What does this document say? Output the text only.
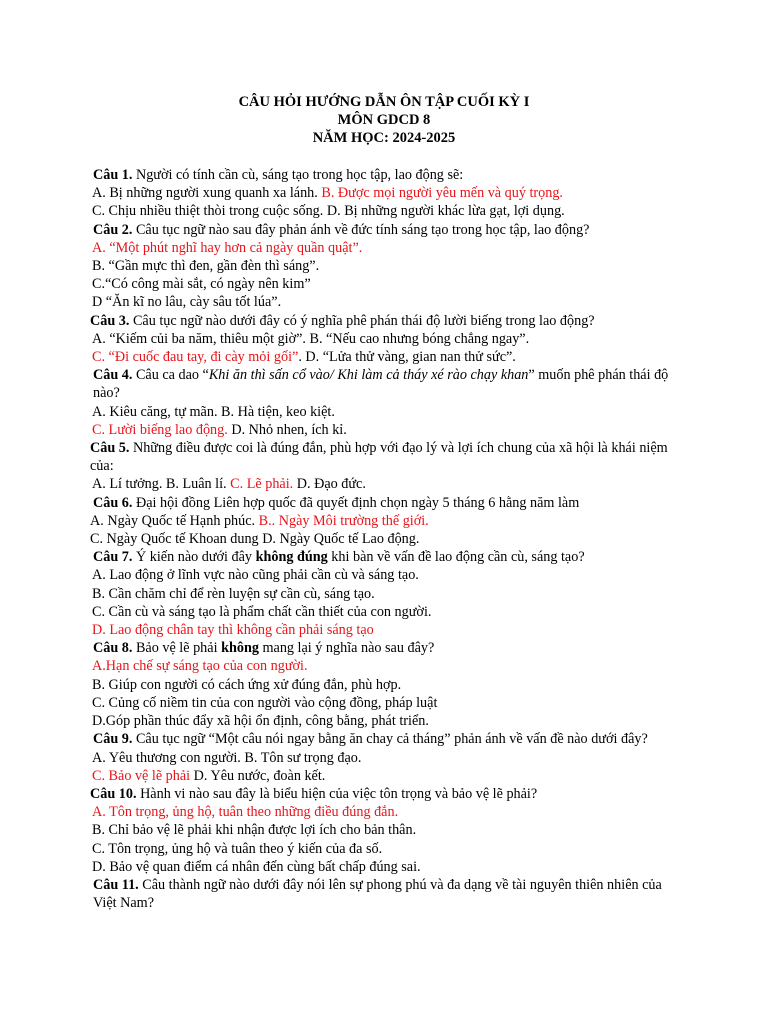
CÂU HỎI HƯỚNG DẪN ÔN TẬP CUỐI KỲ I
MÔN GDCD 8
NĂM HỌC: 2024-2025
Câu 1. Người có tính cần cù, sáng tạo trong học tập, lao động sẽ:
A. Bị những người xung quanh xa lánh. B. Được mọi người yêu mến và quý trọng.
C. Chịu nhiều thiệt thòi trong cuộc sống. D. Bị những người khác lừa gạt, lợi dụng.
Câu 2. Câu tục ngữ nào sau đây phản ánh về đức tính sáng tạo trong học tập, lao động?
A. “Một phút nghĩ hay hơn cả ngày quần quật”.
B. “Gần mực thì đen, gần đèn thì sáng”.
C.“Có công mài sắt, có ngày nên kim”
D “Ăn kĩ no lâu, cày sâu tốt lúa”.
Câu 3. Câu tục ngữ nào dưới đây có ý nghĩa phê phán thái độ lười biếng trong lao động?
A. “Kiếm củi ba năm, thiêu một giờ”. B. “Nếu cao nhưng bóng chẳng ngay”.
C. “Đi cuốc đau tay, đi cày mỏi gối”. D. “Lửa thử vàng, gian nan thử sức”.
Câu 4. Câu ca dao “Khi ăn thì sấn cổ vào/ Khi làm cả tháy xé rào chạy khan” muốn phê phán thái độ nào?
A. Kiêu căng, tự mãn. B. Hà tiện, keo kiệt.
C. Lười biếng lao động. D. Nhỏ nhen, ích kỉ.
Câu 5. Những điều được coi là đúng đắn, phù hợp với đạo lý và lợi ích chung của xã hội là khái niệm của:
A. Lí tưởng. B. Luân lí. C. Lẽ phải. D. Đạo đức.
Câu 6. Đại hội đồng Liên hợp quốc đã quyết định chọn ngày 5 tháng 6 hằng năm làm
A. Ngày Quốc tế Hạnh phúc. B.. Ngày Môi trường thế giới.
C. Ngày Quốc tế Khoan dung D. Ngày Quốc tế Lao động.
Câu 7. Ý kiến nào dưới đây không đúng khi bàn về vấn đề lao động cần cù, sáng tạo?
A. Lao động ở lĩnh vực nào cũng phải cần cù và sáng tạo.
B. Cần chăm chỉ để rèn luyện sự cần cù, sáng tạo.
C. Cần cù và sáng tạo là phẩm chất cần thiết của con người.
D. Lao động chân tay thì không cần phải sáng tạo
Câu 8. Bảo vệ lẽ phải không mang lại ý nghĩa nào sau đây?
A.Hạn chế sự sáng tạo của con người.
B. Giúp con người có cách ứng xử đúng đắn, phù hợp.
C. Củng cố niềm tin của con người vào cộng đồng, pháp luật
D.Góp phần thúc đẩy xã hội ổn định, công bằng, phát triển.
Câu 9. Câu tục ngữ “Một câu nói ngay bằng ăn chay cả tháng” phản ánh về vấn đề nào dưới đây?
A. Yêu thương con người. B. Tôn sư trọng đạo.
C. Bảo vệ lẽ phải D. Yêu nước, đoàn kết.
Câu 10. Hành vi nào sau đây là biểu hiện của việc tôn trọng và bảo vệ lẽ phải?
A. Tôn trọng, ủng hộ, tuân theo những điều đúng đắn.
B. Chỉ bảo vệ lẽ phải khi nhận được lợi ích cho bản thân.
C. Tôn trọng, ủng hộ và tuân theo ý kiến của đa số.
D. Bảo vệ quan điểm cá nhân đến cùng bất chấp đúng sai.
Câu 11. Câu thành ngữ nào dưới đây nói lên sự phong phú và đa dạng về tài nguyên thiên nhiên của Việt Nam?
